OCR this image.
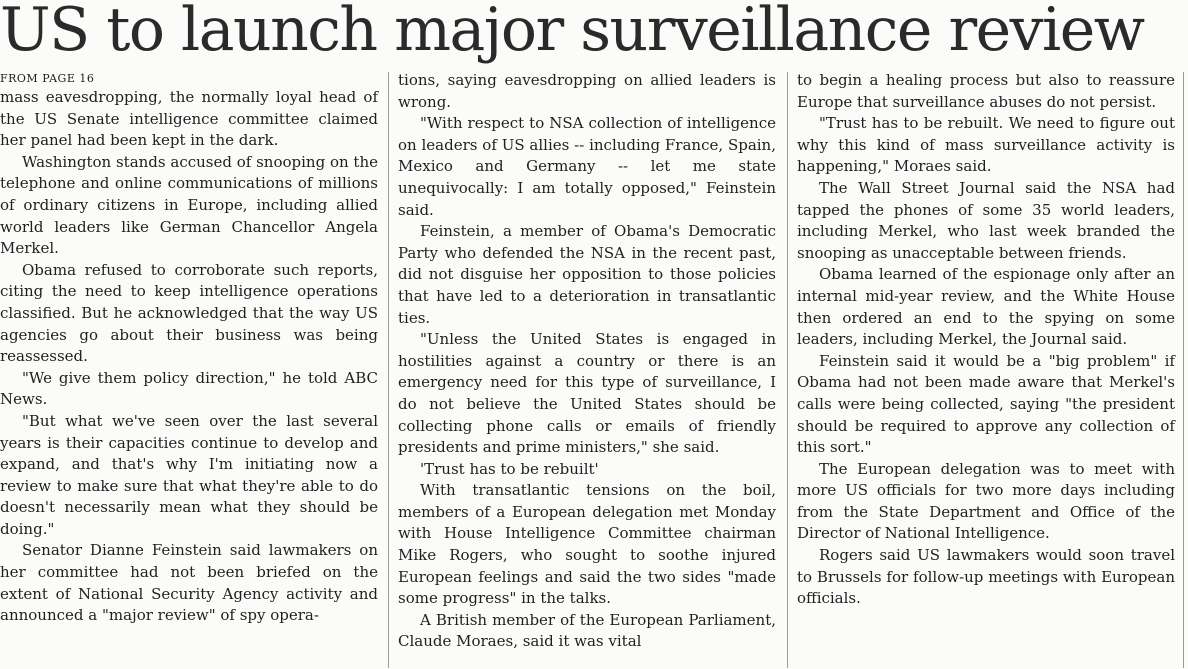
US to launch major surveillance review
FROM PAGE 16

mass eavesdropping, the normally loyal head of the US Senate intelligence committee claimed her panel had been kept in the dark.

Washington stands accused of snooping on the telephone and online communications of millions of ordinary citizens in Europe, including allied world leaders like German Chancellor Angela Merkel.

Obama refused to corroborate such reports, citing the need to keep intelligence operations classified. But he acknowledged that the way US agencies go about their business was being reassessed.

"We give them policy direction," he told ABC News.

"But what we've seen over the last several years is their capacities continue to develop and expand, and that's why I'm initiating now a review to make sure that what they're able to do doesn't necessarily mean what they should be doing."

Senator Dianne Feinstein said lawmakers on her committee had not been briefed on the extent of National Security Agency activity and announced a "major review" of spy opera-

tions, saying eavesdropping on allied leaders is wrong.

"With respect to NSA collection of intelligence on leaders of US allies -- including France, Spain, Mexico and Germany -- let me state unequivocally: I am totally opposed," Feinstein said.

Feinstein, a member of Obama's Democratic Party who defended the NSA in the recent past, did not disguise her opposition to those policies that have led to a deterioration in transatlantic ties.

"Unless the United States is engaged in hostilities against a country or there is an emergency need for this type of surveillance, I do not believe the United States should be collecting phone calls or emails of friendly presidents and prime ministers," she said.

'Trust has to be rebuilt'

With transatlantic tensions on the boil, members of a European delegation met Monday with House Intelligence Committee chairman Mike Rogers, who sought to soothe injured European feelings and said the two sides "made some progress" in the talks.

A British member of the European Parliament, Claude Moraes, said it was vital

to begin a healing process but also to reassure Europe that surveillance abuses do not persist.

"Trust has to be rebuilt. We need to figure out why this kind of mass surveillance activity is happening," Moraes said.

The Wall Street Journal said the NSA had tapped the phones of some 35 world leaders, including Merkel, who last week branded the snooping as unacceptable between friends.

Obama learned of the espionage only after an internal mid-year review, and the White House then ordered an end to the spying on some leaders, including Merkel, the Journal said.

Feinstein said it would be a "big problem" if Obama had not been made aware that Merkel's calls were being collected, saying "the president should be required to approve any collection of this sort."

The European delegation was to meet with more US officials for two more days including from the State Department and Office of the Director of National Intelligence.

Rogers said US lawmakers would soon travel to Brussels for follow-up meetings with European officials.
